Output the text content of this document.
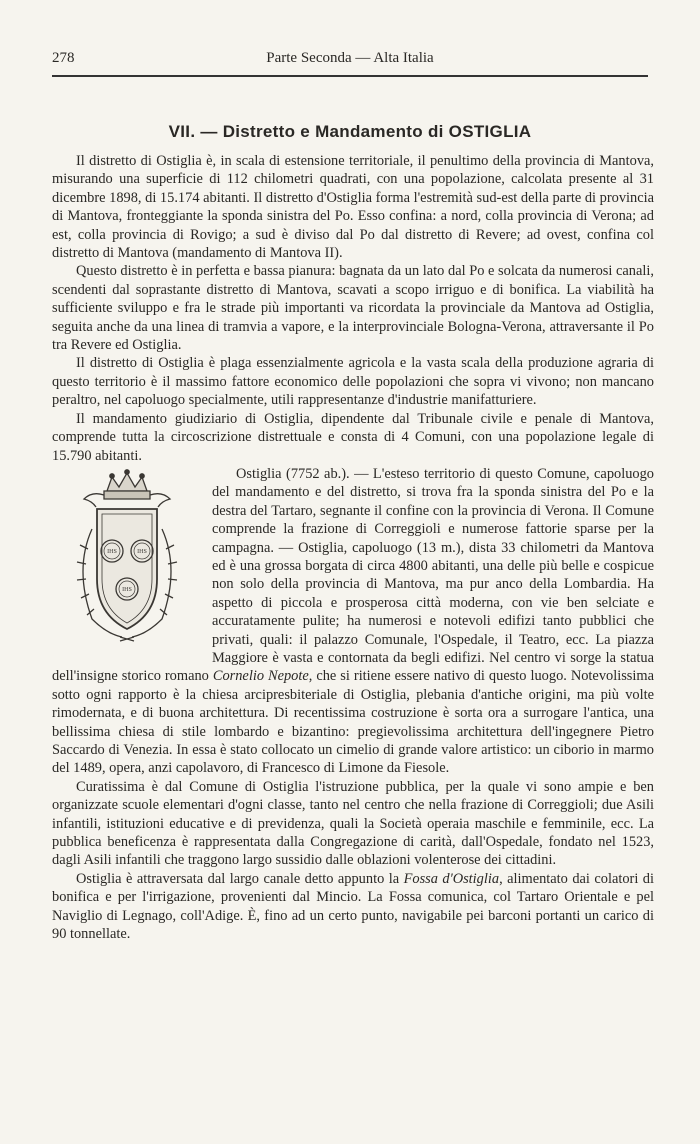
278	Parte Seconda — Alta Italia
VII. — Distretto e Mandamento di OSTIGLIA

Il distretto di Ostiglia è, in scala di estensione territoriale, il penultimo della provincia di Mantova, misurando una superficie di 112 chilometri quadrati, con una popolazione, calcolata presente al 31 dicembre 1898, di 15.174 abitanti. Il distretto d'Ostiglia forma l'estremità sud-est della parte di provincia di Mantova, fronteggiante la sponda sinistra del Po. Esso confina: a nord, colla provincia di Verona; ad est, colla provincia di Rovigo; a sud è diviso dal Po dal distretto di Revere; ad ovest, confina col distretto di Mantova (mandamento di Mantova II).

Questo distretto è in perfetta e bassa pianura: bagnata da un lato dal Po e solcata da numerosi canali, scendenti dal soprastante distretto di Mantova, scavati a scopo irriguo e di bonifica. La viabilità ha sufficiente sviluppo e fra le strade più importanti va ricordata la provinciale da Mantova ad Ostiglia, seguita anche da una linea di tramvia a vapore, e la interprovinciale Bologna-Verona, attraversante il Po tra Revere ed Ostiglia.

Il distretto di Ostiglia è plaga essenzialmente agricola e la vasta scala della produzione agraria di questo territorio è il massimo fattore economico delle popolazioni che sopra vi vivono; non mancano peraltro, nel capoluogo specialmente, utili rappresentanze d'industrie manifatturiere.

Il mandamento giudiziario di Ostiglia, dipendente dal Tribunale civile e penale di Mantova, comprende tutta la circoscrizione distrettuale e consta di 4 Comuni, con una popolazione legale di 15.790 abitanti.

IHS	IHS
IHS

Ostiglia (7752 ab.). — L'esteso territorio di questo Comune, capoluogo del mandamento e del distretto, si trova fra la sponda sinistra del Po e la destra del Tartaro, segnante il confine con la provincia di Verona. Il Comune comprende la frazione di Correggioli e numerose fattorie sparse per la campagna. — Ostiglia, capoluogo (13 m.), dista 33 chilometri da Mantova ed è una grossa borgata di circa 4800 abitanti, una delle più belle e cospicue non solo della provincia di Mantova, ma pur anco della Lombardia. Ha aspetto di piccola e prosperosa città moderna, con vie ben selciate e accuratamente pulite; ha numerosi e notevoli edifizi tanto pubblici che privati, quali: il palazzo Comunale, l'Ospedale, il Teatro, ecc. La piazza Maggiore è vasta e contornata da begli edifizi. Nel centro vi sorge la statua dell'insigne storico romano Cornelio Nepote, che si ritiene essere nativo di questo luogo. Notevolissima sotto ogni rapporto è la chiesa arcipresbiteriale di Ostiglia, plebania d'antiche origini, ma più volte rimodernata, e di buona architettura. Di recentissima costruzione è sorta ora a surrogare l'antica, una bellissima chiesa di stile lombardo e bizantino: pregievolissima architettura dell'ingegnere Pietro Saccardo di Venezia. In essa è stato collocato un cimelio di grande valore artistico: un ciborio in marmo del 1489, opera, anzi capolavoro, di Francesco di Limone da Fiesole.

Curatissima è dal Comune di Ostiglia l'istruzione pubblica, per la quale vi sono ampie e ben organizzate scuole elementari d'ogni classe, tanto nel centro che nella frazione di Correggioli; due Asili infantili, istituzioni educative e di previdenza, quali la Società operaia maschile e femminile, ecc. La pubblica beneficenza è rappresentata dalla Congregazione di carità, dall'Ospedale, fondato nel 1523, dagli Asili infantili che traggono largo sussidio dalle oblazioni volenterose dei cittadini.

Ostiglia è attraversata dal largo canale detto appunto la Fossa d'Ostiglia, alimentato dai colatori di bonifica e per l'irrigazione, provenienti dal Mincio. La Fossa comunica, col Tartaro Orientale e pel Naviglio di Legnago, coll'Adige. È, fino ad un certo punto, navigabile pei barconi portanti un carico di 90 tonnellate.
